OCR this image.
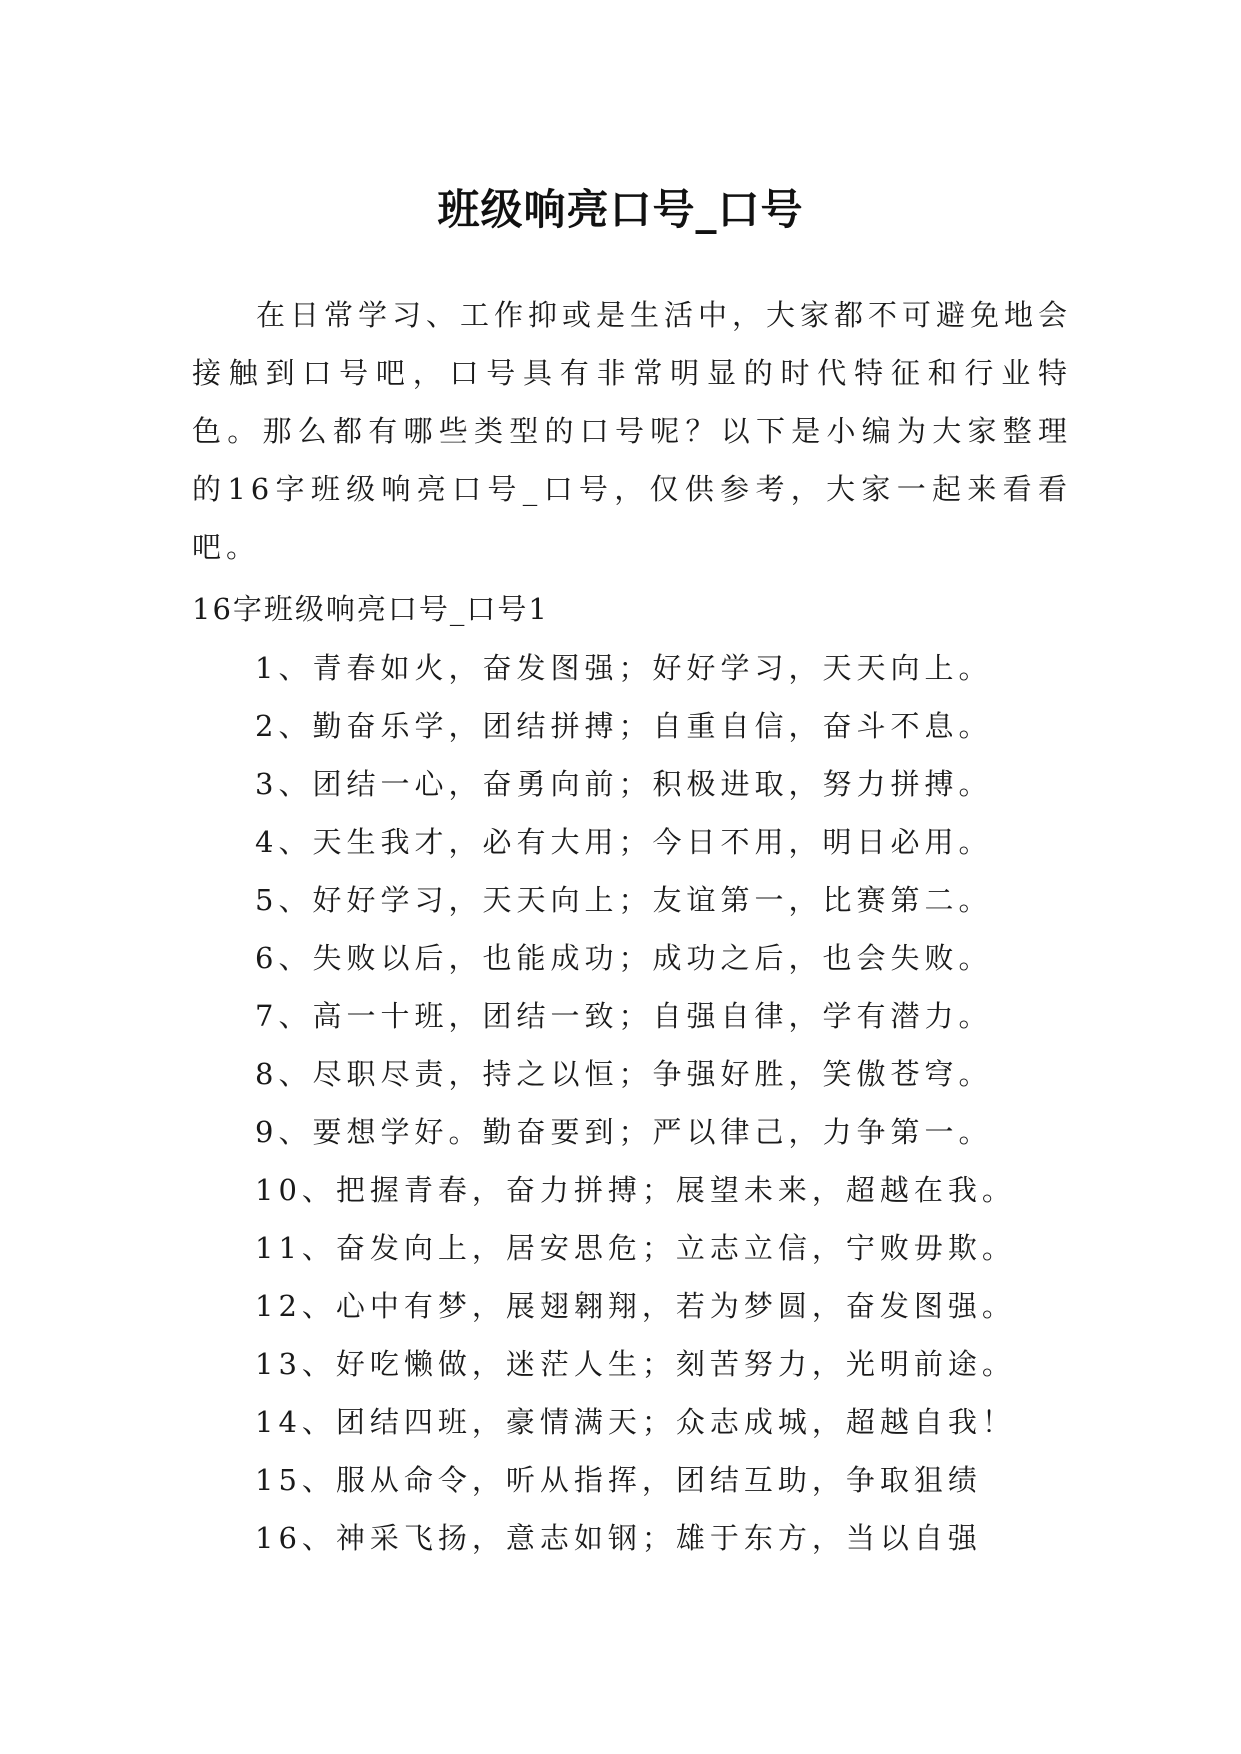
班级响亮口号_口号

在日常学习、工作抑或是生活中，大家都不可避免地会接触到口号吧，口号具有非常明显的时代特征和行业特色。那么都有哪些类型的口号呢？以下是小编为大家整理的16字班级响亮口号_口号，仅供参考，大家一起来看看吧。

16字班级响亮口号_口号1

1、青春如火，奋发图强；好好学习，天天向上。
2、勤奋乐学，团结拼搏；自重自信，奋斗不息。
3、团结一心，奋勇向前；积极进取，努力拼搏。
4、天生我才，必有大用；今日不用，明日必用。
5、好好学习，天天向上；友谊第一，比赛第二。
6、失败以后，也能成功；成功之后，也会失败。
7、高一十班，团结一致；自强自律，学有潜力。
8、尽职尽责，持之以恒；争强好胜，笑傲苍穹。
9、要想学好。勤奋要到；严以律己，力争第一。
10、把握青春，奋力拼搏；展望未来，超越在我。
11、奋发向上，居安思危；立志立信，宁败毋欺。
12、心中有梦，展翅翱翔，若为梦圆，奋发图强。
13、好吃懒做，迷茫人生；刻苦努力，光明前途。
14、团结四班，豪情满天；众志成城，超越自我！
15、服从命令，听从指挥，团结互助，争取狙绩
16、神采飞扬，意志如钢；雄于东方，当以自强
